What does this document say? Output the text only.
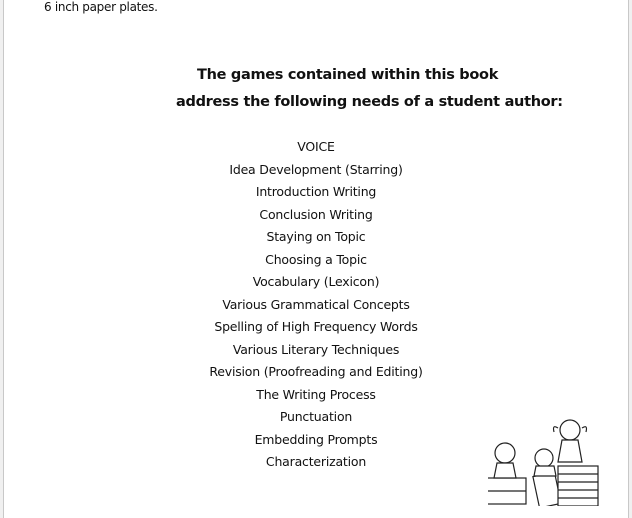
6 inch paper plates.
The games contained within this book
address the following needs of a student author:
VOICE
Idea Development (Starring)
Introduction Writing
Conclusion Writing
Staying on Topic
Choosing a Topic
Vocabulary (Lexicon)
Various Grammatical Concepts
Spelling of High Frequency Words
Various Literary Techniques
Revision (Proofreading and Editing)
The Writing Process
Punctuation
Embedding Prompts
Characterization
